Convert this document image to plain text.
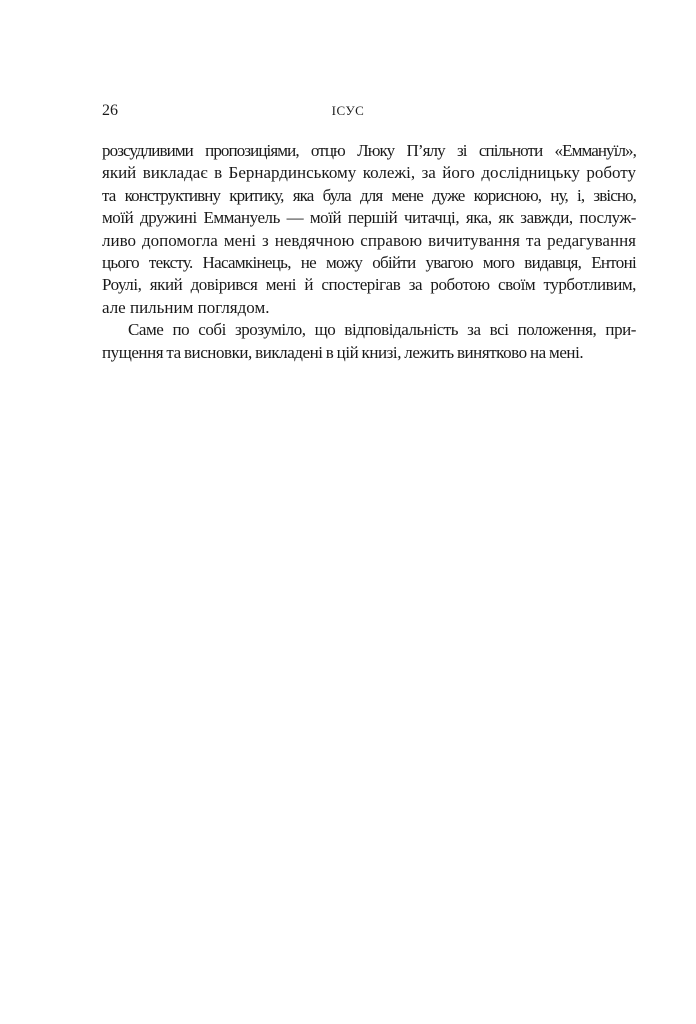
26	ІСУС
розсудливими пропозиціями, отцю Люку П’ялу зі спільноти «Еммануїл»,
який викладає в Бернардинському колежі, за його дослідницьку роботу
та конструктивну критику, яка була для мене дуже корисною, ну, і, звісно,
моїй дружині Еммануель — моїй першій читачці, яка, як завжди, послуж-
ливо допомогла мені з невдячною справою вичитування та редагування
цього тексту. Насамкінець, не можу обійти увагою мого видавця, Ентоні
Роулі, який довірився мені й спостерігав за роботою своїм турботливим,
але пильним поглядом.
Саме по собі зрозуміло, що відповідальність за всі положення, при-
пущення та висновки, викладені в цій книзі, лежить винятково на мені.
